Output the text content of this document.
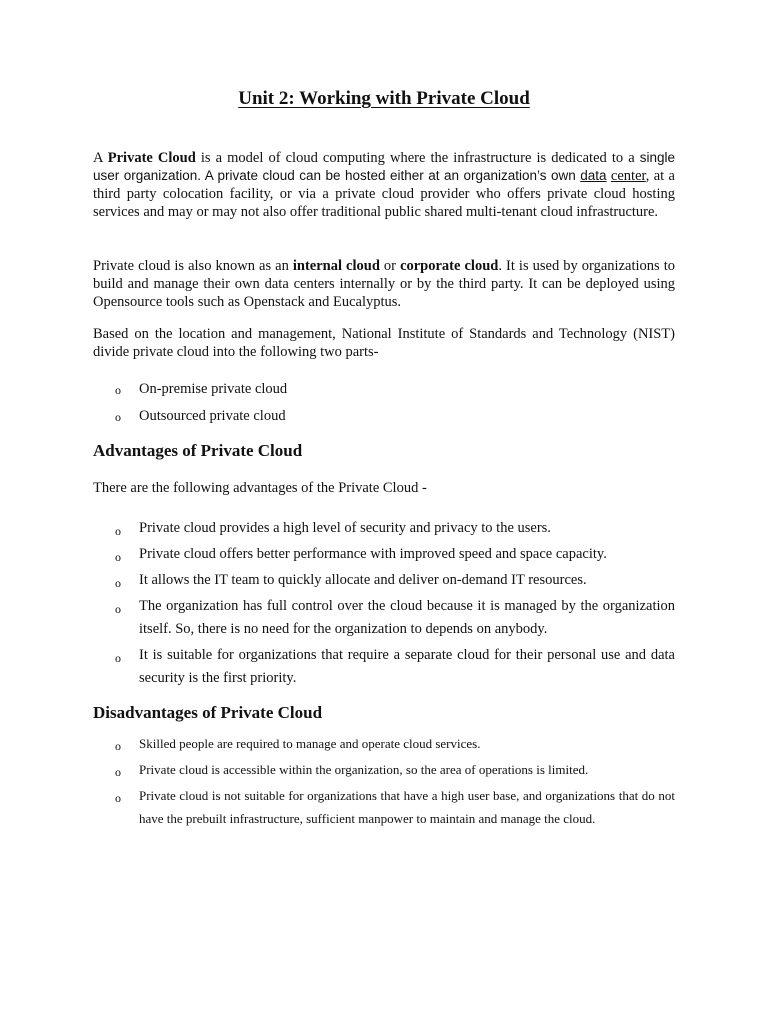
Unit 2: Working with Private Cloud

A Private Cloud is a model of cloud computing where the infrastructure is dedicated to a single user organization. A private cloud can be hosted either at an organization’s own data center, at a third party colocation facility, or via a private cloud provider who offers private cloud hosting services and may or may not also offer traditional public shared multi-tenant cloud infrastructure.

Private cloud is also known as an internal cloud or corporate cloud. It is used by organizations to build and manage their own data centers internally or by the third party. It can be deployed using Opensource tools such as Openstack and Eucalyptus.

Based on the location and management, National Institute of Standards and Technology (NIST) divide private cloud into the following two parts-

o On-premise private cloud
o Outsourced private cloud
Advantages of Private Cloud

There are the following advantages of the Private Cloud -

o Private cloud provides a high level of security and privacy to the users.
o Private cloud offers better performance with improved speed and space capacity.
o It allows the IT team to quickly allocate and deliver on-demand IT resources.
o The organization has full control over the cloud because it is managed by the organization itself. So, there is no need for the organization to depends on anybody.
o It is suitable for organizations that require a separate cloud for their personal use and data security is the first priority.
Disadvantages of Private Cloud
o Skilled people are required to manage and operate cloud services.
o Private cloud is accessible within the organization, so the area of operations is limited.
o Private cloud is not suitable for organizations that have a high user base, and organizations that do not have the prebuilt infrastructure, sufficient manpower to maintain and manage the cloud.
